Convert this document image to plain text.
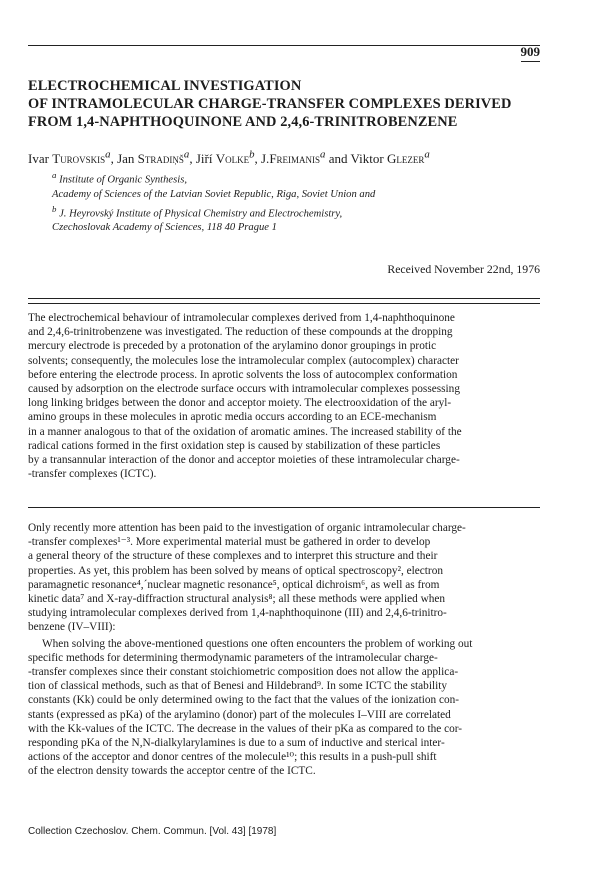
909
ELECTROCHEMICAL INVESTIGATION
OF INTRAMOLECULAR CHARGE-TRANSFER COMPLEXES DERIVED
FROM 1,4-NAPHTHOQUINONE AND 2,4,6-TRINITROBENZENE
Ivar Turovskis$^a$, Jan Stradiņš$^a$, Jiří Volke$^b$, J.Freimanis$^a$ and Viktor Glezer$^a$
$^a$ Institute of Organic Synthesis,
Academy of Sciences of the Latvian Soviet Republic, Riga, Soviet Union and
$^b$ J. Heyrovský Institute of Physical Chemistry and Electrochemistry,
Czechoslovak Academy of Sciences, 118 40 Prague 1
Received November 22nd, 1976
The electrochemical behaviour of intramolecular complexes derived from 1,4-naphthoquinone
and 2,4,6-trinitrobenzene was investigated. The reduction of these compounds at the dropping
mercury electrode is preceded by a protonation of the arylamino donor groupings in protic
solvents; consequently, the molecules lose the intramolecular complex (autocomplex) character
before entering the electrode process. In aprotic solvents the loss of autocomplex conformation
caused by adsorption on the electrode surface occurs with intramolecular complexes possessing
long linking bridges between the donor and acceptor moiety. The electrooxidation of the aryl-
amino groups in these molecules in aprotic media occurs according to an ECE-mechanism
in a manner analogous to that of the oxidation of aromatic amines. The increased stability of the
radical cations formed in the first oxidation step is caused by stabilization of these particles
by a transannular interaction of the donor and acceptor moieties of these intramolecular charge-
-transfer complexes (ICTC).
Only recently more attention has been paid to the investigation of organic intramolecular charge-
-transfer complexes¹⁻³. More experimental material must be gathered in order to develop
a general theory of the structure of these complexes and to interpret this structure and their
properties. As yet, this problem has been solved by means of optical spectroscopy², electron
paramagnetic resonance⁴,´nuclear magnetic resonance⁵, optical dichroism⁶, as well as from
kinetic data⁷ and X-ray-diffraction structural analysis⁸; all these methods were applied when
studying intramolecular complexes derived from 1,4-naphthoquinone (III) and 2,4,6-trinitro-
benzene (IV–VIII):
When solving the above-mentioned questions one often encounters the problem of working out
specific methods for determining thermodynamic parameters of the intramolecular charge-
-transfer complexes since their constant stoichiometric composition does not allow the applica-
tion of classical methods, such as that of Benesi and Hildebrand⁹. In some ICTC the stability
constants (Kk) could be only determined owing to the fact that the values of the ionization con-
stants (expressed as pKa) of the arylamino (donor) part of the molecules I–VIII are correlated
with the Kk-values of the ICTC. The decrease in the values of their pKa as compared to the cor-
responding pKa of the N,N-dialkylarylamines is due to a sum of inductive and sterical inter-
actions of the acceptor and donor centres of the molecule¹⁰; this results in a push-pull shift
of the electron density towards the acceptor centre of the ICTC.
Collection Czechoslov. Chem. Commun. [Vol. 43] [1978]
